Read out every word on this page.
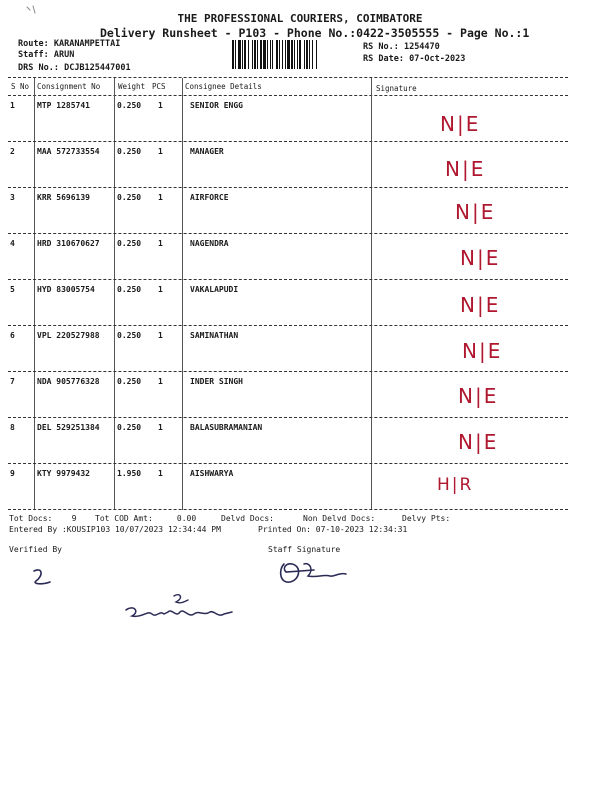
THE PROFESSIONAL COURIERS, COIMBATORE
Delivery Runsheet - P103 - Phone No.:0422-3505555 - Page No.:1
Route: KARANAMPETTAI
Staff: ARUN
DRS No.: DCJB125447001
RS No.: 1254470
RS Date: 07-Oct-2023
S No Consignment No Weight PCS	Consignee Details	Signature
1	MTP 1285741	0.250 1	SENIOR ENGG
N|E
2	MAA 572733554 0.250 1	MANAGER
N|E
3	KRR 5696139	0.250 1	AIRFORCE
N|E
4	HRD 310670627 0.250 1	NAGENDRA
N|E
5	HYD 83005754	0.250 1	VAKALAPUDI
N|E
6	VPL 220527988 0.250 1	SAMINATHAN
N|E
7	NDA 905776328 0.250 1	INDER SINGH
N|E
8	DEL 529251384 0.250 1	BALASUBRAMANIAN
N|E
9	KTY 9979432	1.950 1	AISHWARYA
H|R
Tot Docs: 9 Tot COD Amt:	0.00	Delvd Docs:	Non Delvd Docs:	Delvy Pts:
Entered By :KOUSIP103 10/07/2023 12:34:44 PM	Printed On: 07-10-2023 12:34:31
Verified By	Staff Signature
